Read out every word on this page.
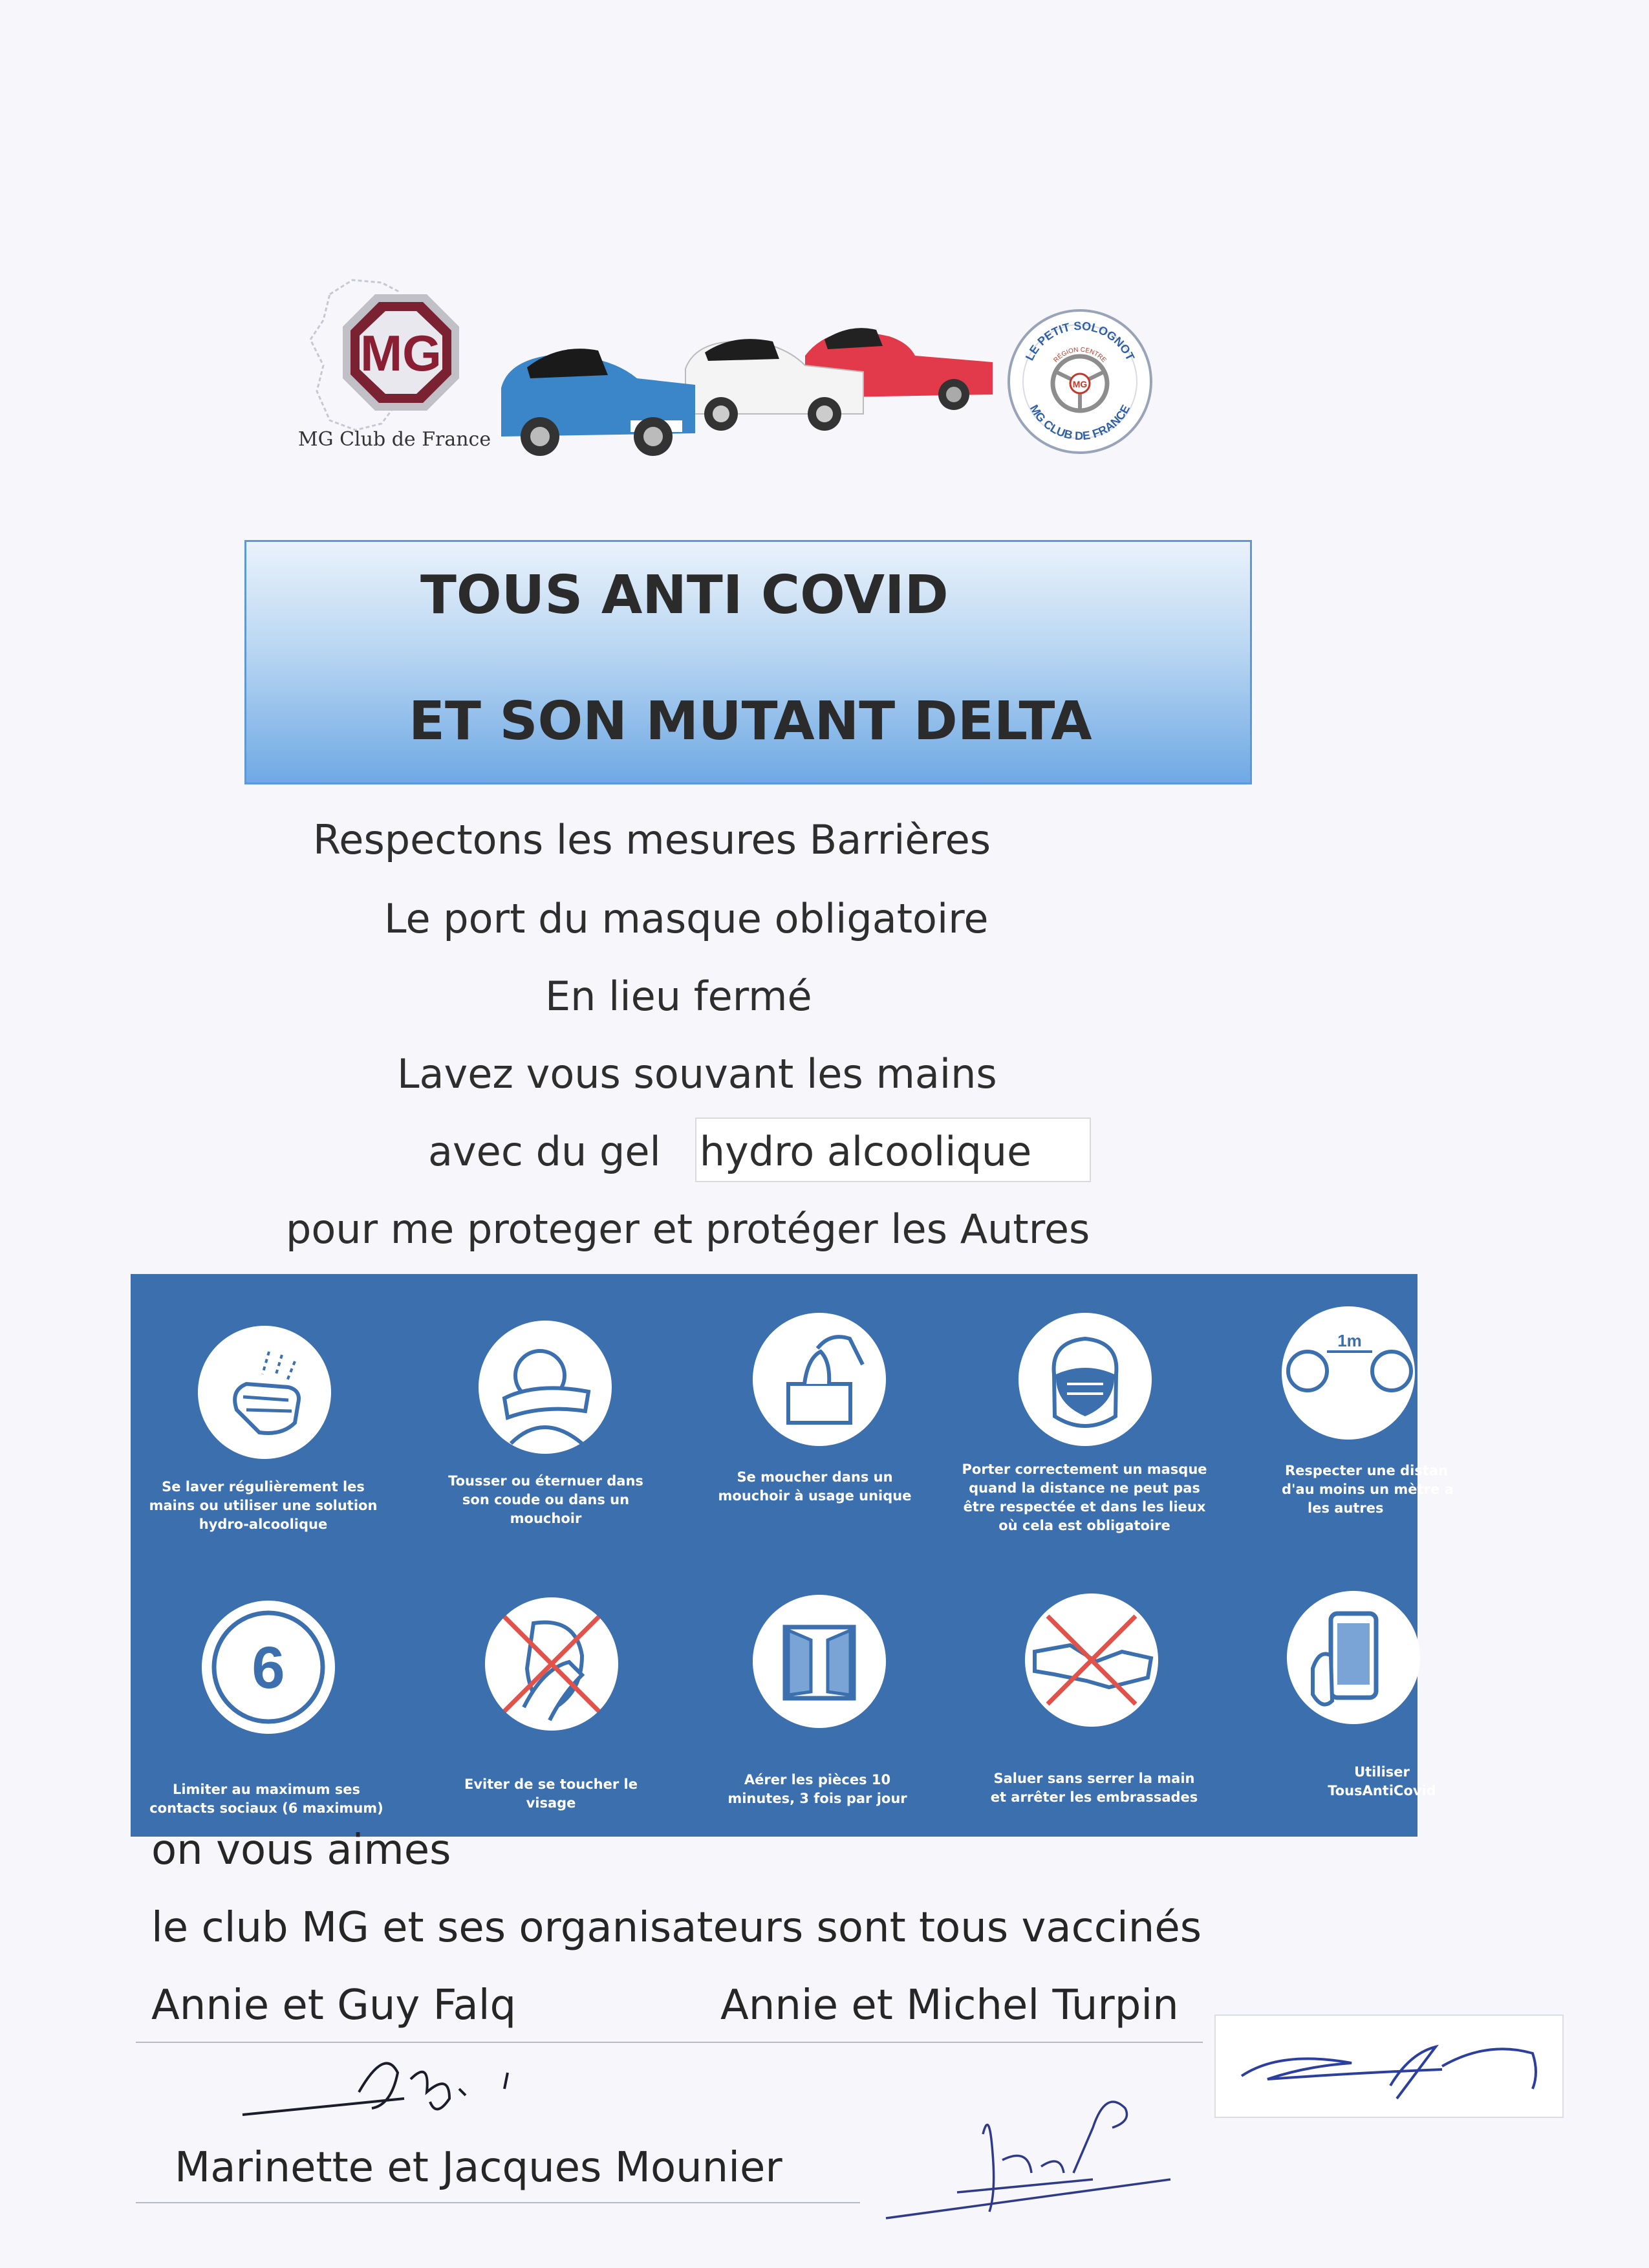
MG
MG Club de France
LE PETIT SOLOGNOT
RÉGION CENTRE
MG CLUB DE FRANCE
MG
TOUS ANTI COVID
ET SON MUTANT DELTA
Respectons les mesures Barrières
Le port du masque obligatoire
En lieu fermé
Lavez vous souvant les mains
avec du gel hydro alcoolique
pour me proteger et protéger les Autres
Se laver régulièrement les
mains ou utiliser une solution
hydro-alcoolique
Tousser ou éternuer dans
son coude ou dans un
mouchoir
Se moucher dans un
mouchoir à usage unique
Porter correctement un masque
quand la distance ne peut pas
être respectée et dans les lieux
où cela est obligatoire
1m
Respecter une distan
d'au moins un mètre a
les autres
6
Limiter au maximum ses
contacts sociaux (6 maximum)
Eviter de se toucher le
visage
Aérer les pièces 10
minutes, 3 fois par jour
Saluer sans serrer la main
et arrêter les embrassades
Utiliser
TousAntiCovid
on vous aimes
le club MG et ses organisateurs sont tous vaccinés
Annie et Guy Falq	Annie et Michel Turpin
Marinette et Jacques Mounier
